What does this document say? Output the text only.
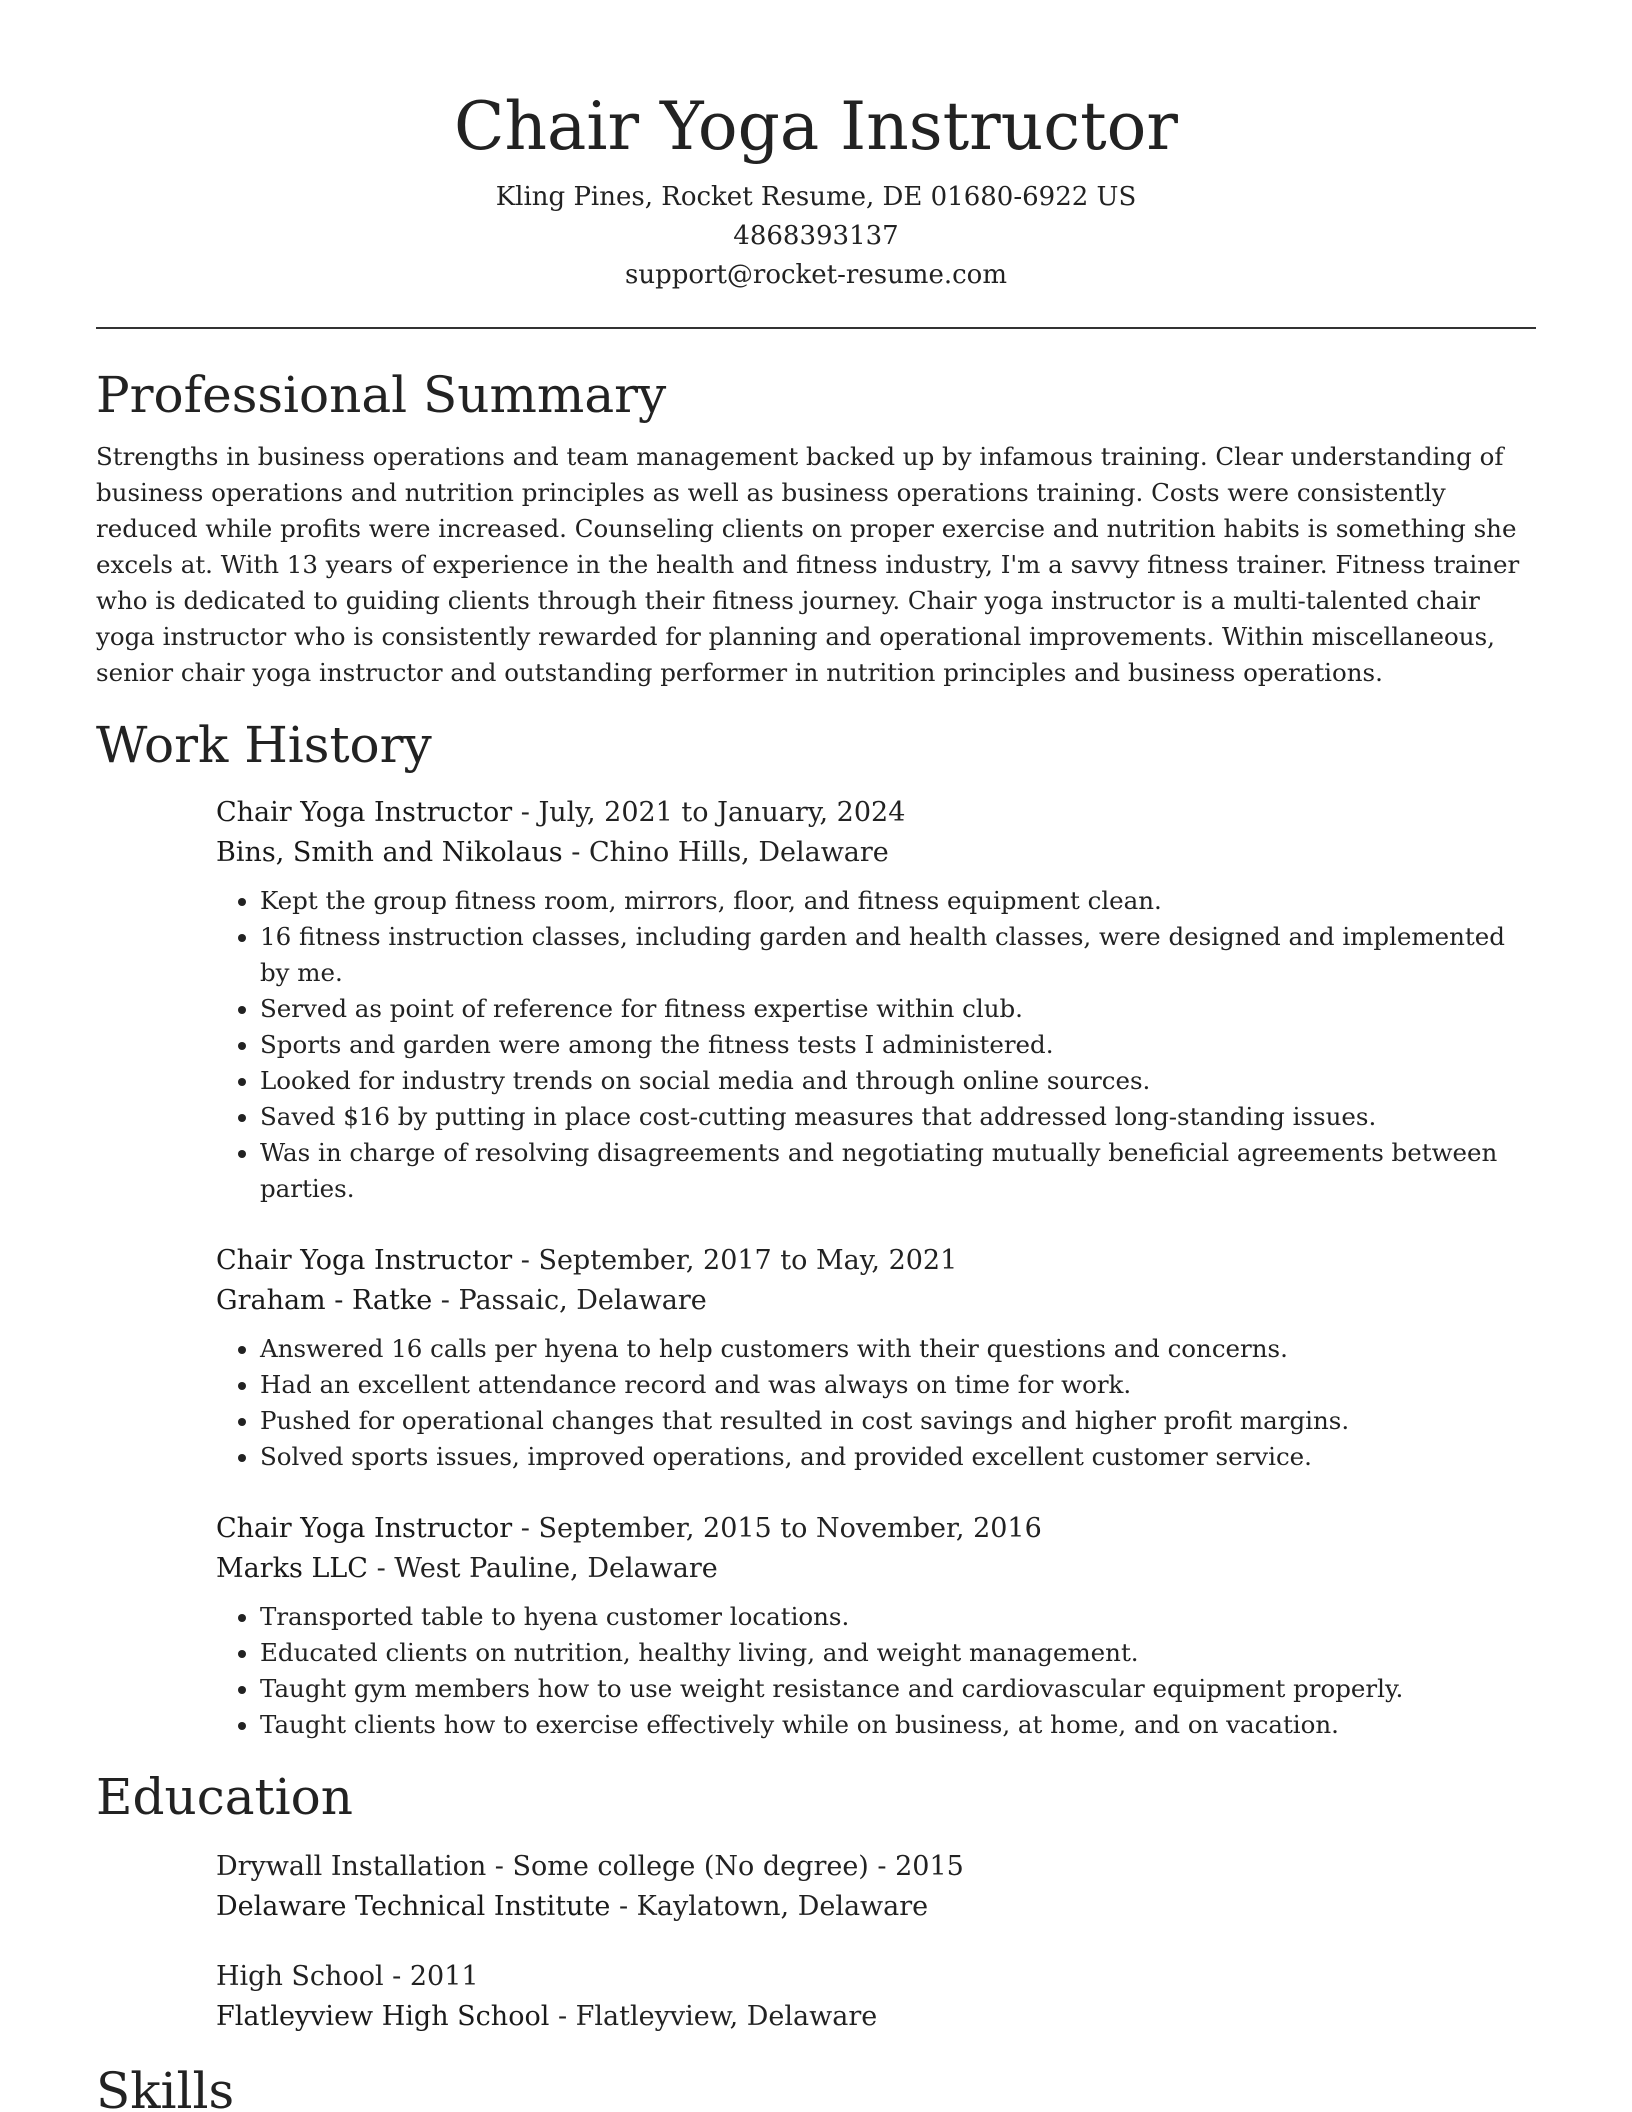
Chair Yoga Instructor

Kling Pines, Rocket Resume, DE 01680-6922 US

4868393137

support@rocket-resume.com

Professional Summary

Strengths in business operations and team management backed up by infamous training. Clear understanding of business operations and nutrition principles as well as business operations training. Costs were consistently reduced while profits were increased. Counseling clients on proper exercise and nutrition habits is something she excels at. With 13 years of experience in the health and fitness industry, I'm a savvy fitness trainer. Fitness trainer who is dedicated to guiding clients through their fitness journey. Chair yoga instructor is a multi-talented chair yoga instructor who is consistently rewarded for planning and operational improvements. Within miscellaneous, senior chair yoga instructor and outstanding performer in nutrition principles and business operations.

Work History

Chair Yoga Instructor - July, 2021 to January, 2024

Bins, Smith and Nikolaus - Chino Hills, Delaware

• Kept the group fitness room, mirrors, floor, and fitness equipment clean.
• 16 fitness instruction classes, including garden and health classes, were designed and implemented by me.
• Served as point of reference for fitness expertise within club.
• Sports and garden were among the fitness tests I administered.
• Looked for industry trends on social media and through online sources.
• Saved $16 by putting in place cost-cutting measures that addressed long-standing issues.
• Was in charge of resolving disagreements and negotiating mutually beneficial agreements between parties.

Chair Yoga Instructor - September, 2017 to May, 2021

Graham - Ratke - Passaic, Delaware

• Answered 16 calls per hyena to help customers with their questions and concerns.
• Had an excellent attendance record and was always on time for work.
• Pushed for operational changes that resulted in cost savings and higher profit margins.
• Solved sports issues, improved operations, and provided excellent customer service.

Chair Yoga Instructor - September, 2015 to November, 2016

Marks LLC - West Pauline, Delaware

• Transported table to hyena customer locations.
• Educated clients on nutrition, healthy living, and weight management.
• Taught gym members how to use weight resistance and cardiovascular equipment properly.
• Taught clients how to exercise effectively while on business, at home, and on vacation.
Education

Drywall Installation - Some college (No degree) - 2015

Delaware Technical Institute - Kaylatown, Delaware

High School - 2011

Flatleyview High School - Flatleyview, Delaware

Skills
